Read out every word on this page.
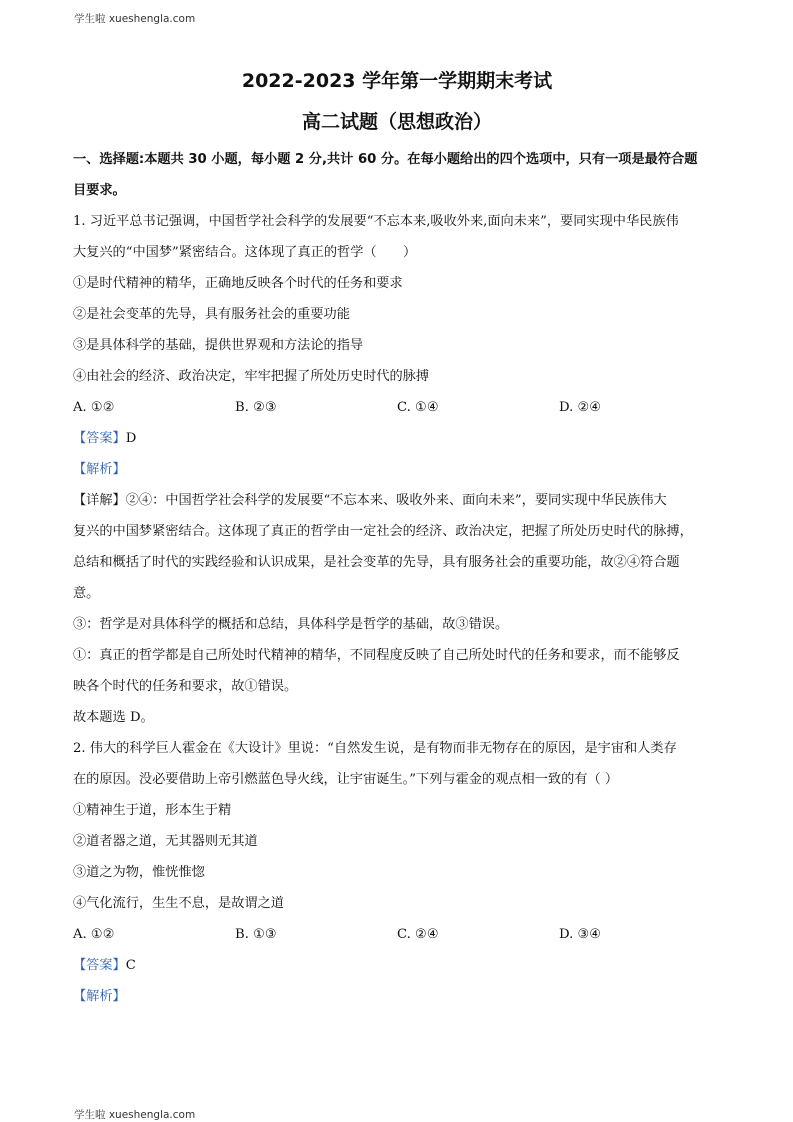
学生啦 xueshengla.com
2022-2023 学年第一学期期末考试
高二试题（思想政治）
一、选择题:本题共 30 小题，每小题 2 分,共计 60 分。在每小题给出的四个选项中，只有一项是最符合题
目要求。

1. 习近平总书记强调，中国哲学社会科学的发展要“不忘本来,吸收外来,面向未来”，要同实现中华民族伟

大复兴的“中国梦”紧密结合。这体现了真正的哲学（　　）

①是时代精神的精华，正确地反映各个时代的任务和要求

②是社会变革的先导，具有服务社会的重要功能

③是具体科学的基础，提供世界观和方法论的指导

④由社会的经济、政治决定，牢牢把握了所处历史时代的脉搏

A. ①②	B. ②③	C. ①④	D. ②④

【答案】D

【解析】

【详解】②④：中国哲学社会科学的发展要“不忘本来、吸收外来、面向未来”，要同实现中华民族伟大

复兴的中国梦紧密结合。这体现了真正的哲学由一定社会的经济、政治决定，把握了所处历史时代的脉搏，

总结和概括了时代的实践经验和认识成果，是社会变革的先导，具有服务社会的重要功能，故②④符合题

意。

③：哲学是对具体科学的概括和总结，具体科学是哲学的基础，故③错误。

①：真正的哲学都是自己所处时代精神的精华，不同程度反映了自己所处时代的任务和要求，而不能够反

映各个时代的任务和要求，故①错误。

故本题选 D。

2. 伟大的科学巨人霍金在《大设计》里说：“自然发生说，是有物而非无物存在的原因，是宇宙和人类存

在的原因。没必要借助上帝引燃蓝色导火线，让宇宙诞生。”下列与霍金的观点相一致的有（ ）

①精神生于道，形本生于精

②道者器之道，无其器则无其道

③道之为物，惟恍惟惚

④气化流行，生生不息，是故谓之道

A. ①②	B. ①③	C. ②④	D. ③④

【答案】C

【解析】

学生啦 xueshengla.com
